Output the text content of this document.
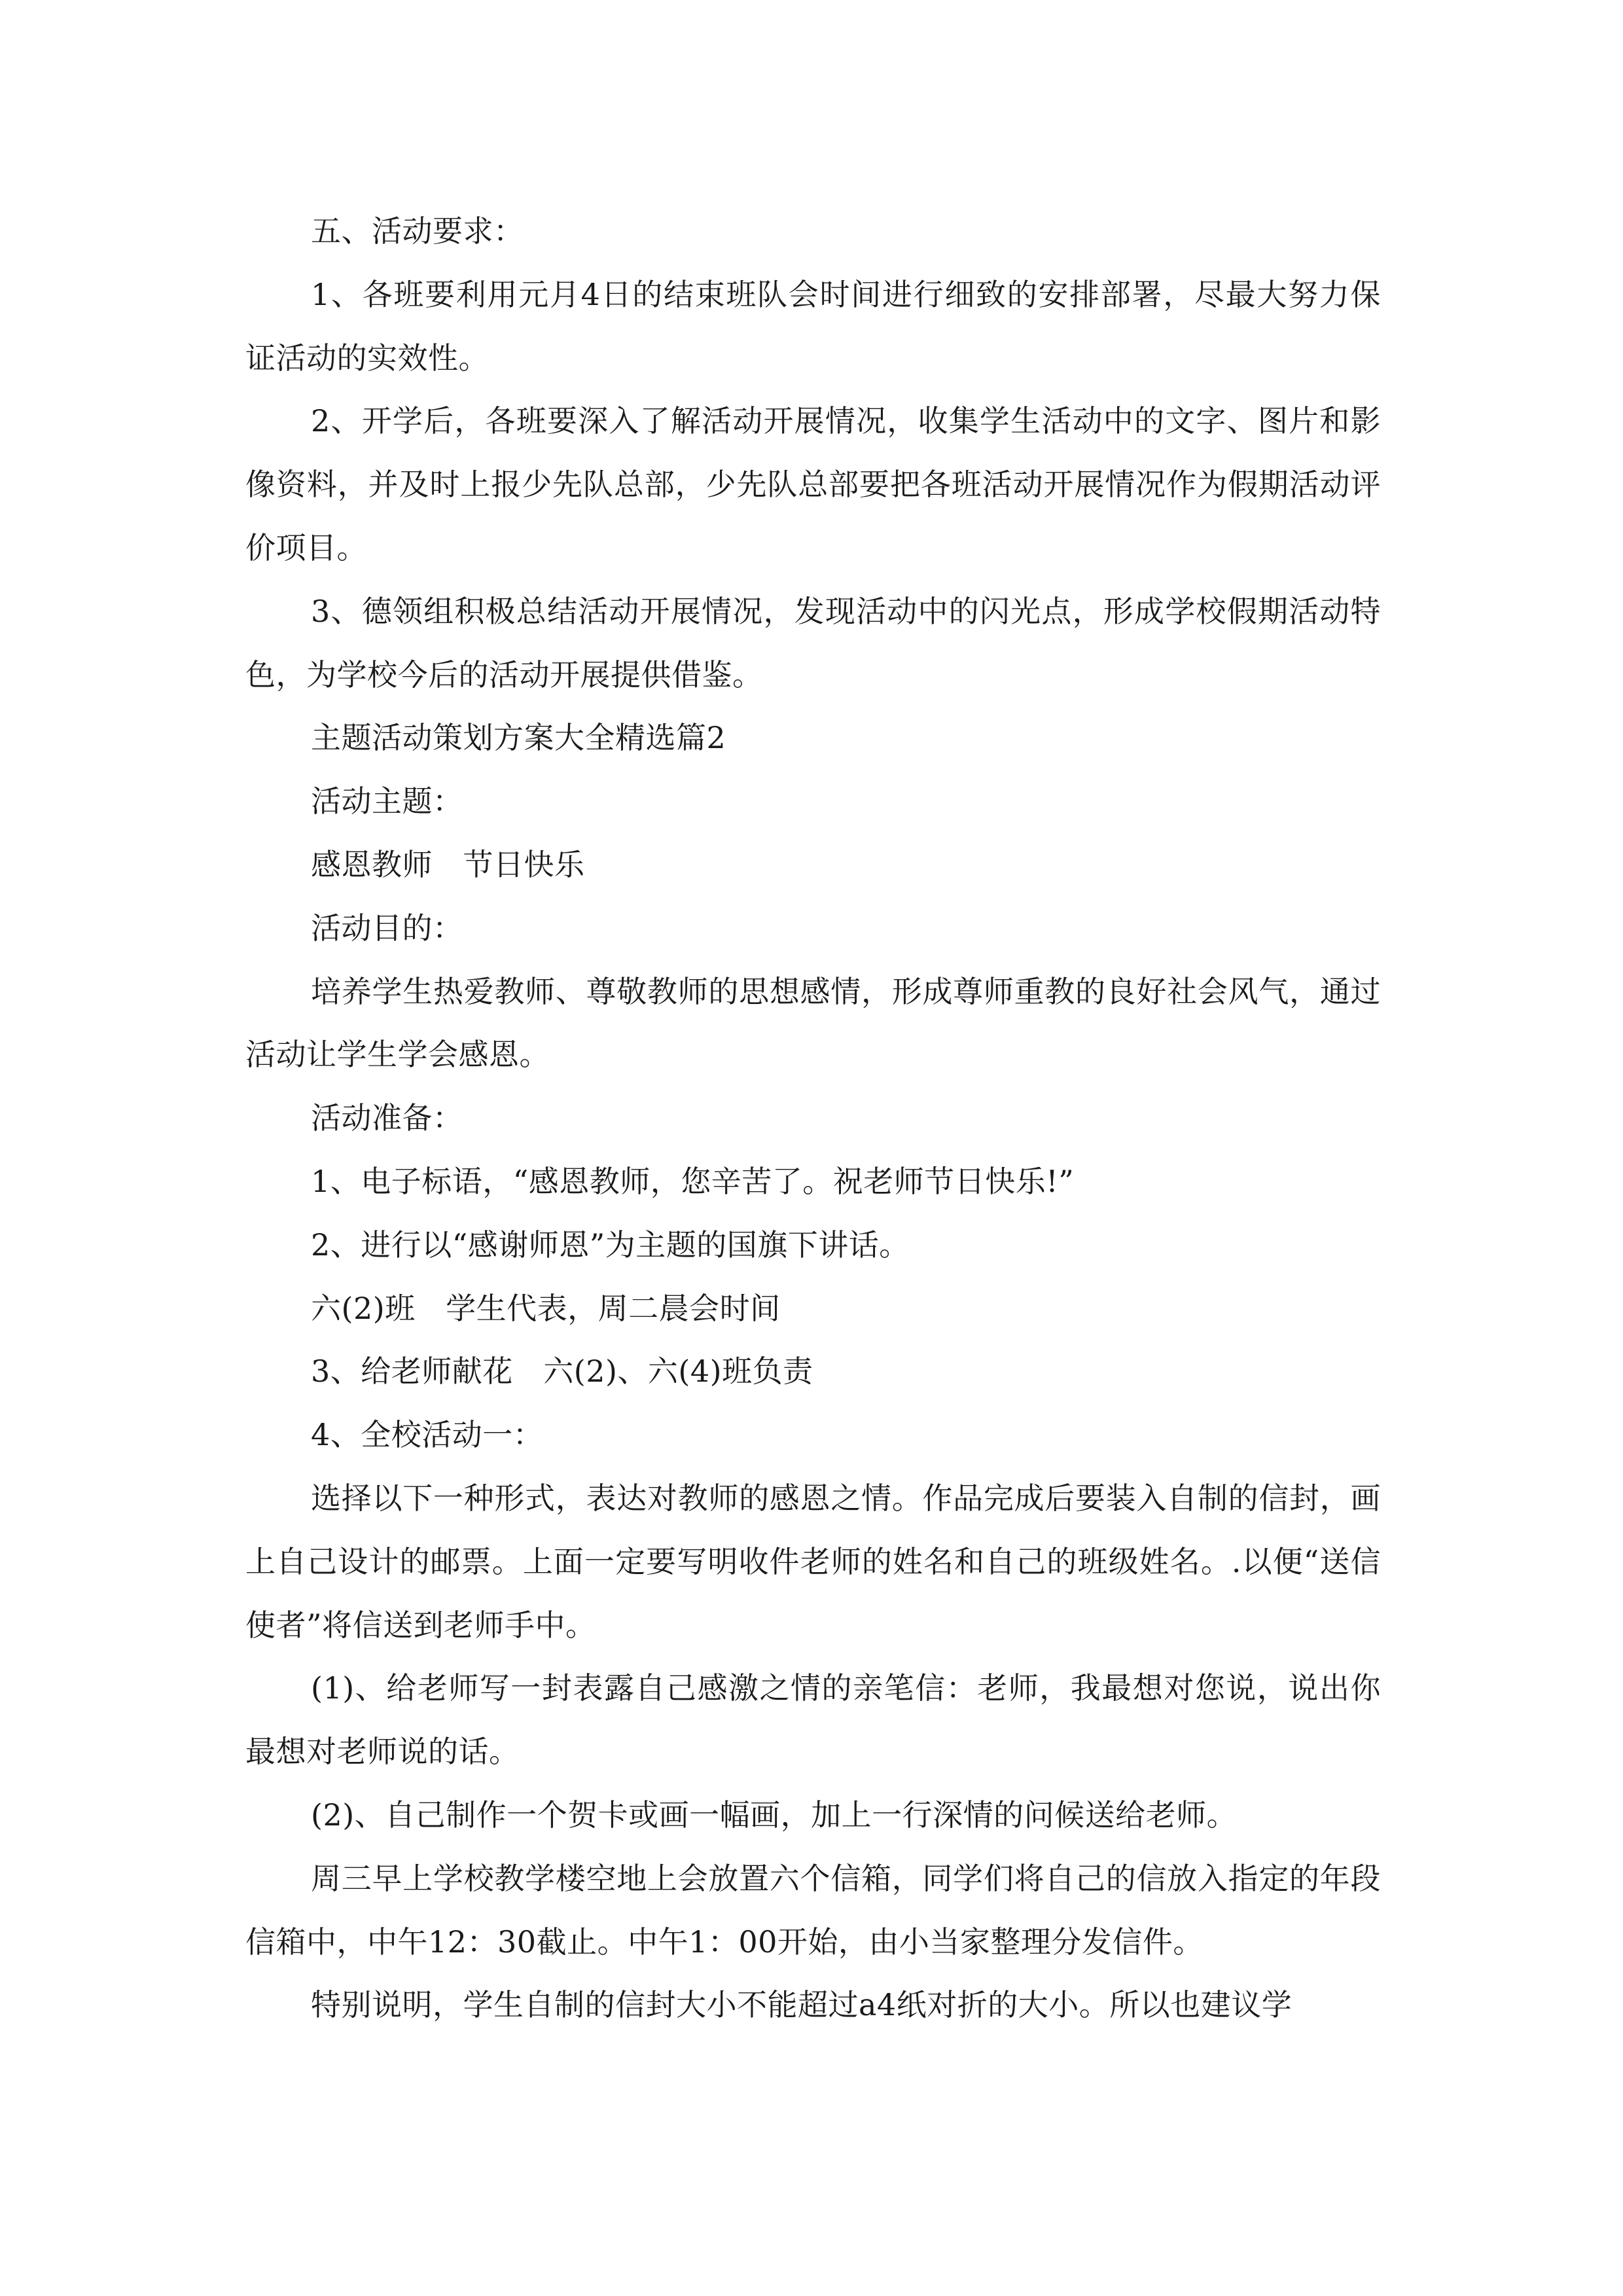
五、活动要求：

1、各班要利用元月4日的结束班队会时间进行细致的安排部署，尽最大努力保证活动的实效性。

2、开学后，各班要深入了解活动开展情况，收集学生活动中的文字、图片和影像资料，并及时上报少先队总部，少先队总部要把各班活动开展情况作为假期活动评价项目。

3、德领组积极总结活动开展情况，发现活动中的闪光点，形成学校假期活动特色，为学校今后的活动开展提供借鉴。

主题活动策划方案大全精选篇2

活动主题：

感恩教师　节日快乐

活动目的：

培养学生热爱教师、尊敬教师的思想感情，形成尊师重教的良好社会风气，通过活动让学生学会感恩。

活动准备：

1、电子标语，“感恩教师，您辛苦了。祝老师节日快乐!”

2、进行以“感谢师恩”为主题的国旗下讲话。

六(2)班　学生代表，周二晨会时间

3、给老师献花　六(2)、六(4)班负责

4、全校活动一：

选择以下一种形式，表达对教师的感恩之情。作品完成后要装入自制的信封，画上自己设计的邮票。上面一定要写明收件老师的姓名和自己的班级姓名。.以便“送信使者”将信送到老师手中。

(1)、给老师写一封表露自己感激之情的亲笔信：老师，我最想对您说，说出你最想对老师说的话。

(2)、自己制作一个贺卡或画一幅画，加上一行深情的问候送给老师。

周三早上学校教学楼空地上会放置六个信箱，同学们将自己的信放入指定的年段信箱中，中午12：30截止。中午1：00开始，由小当家整理分发信件。

特别说明，学生自制的信封大小不能超过a4纸对折的大小。所以也建议学
